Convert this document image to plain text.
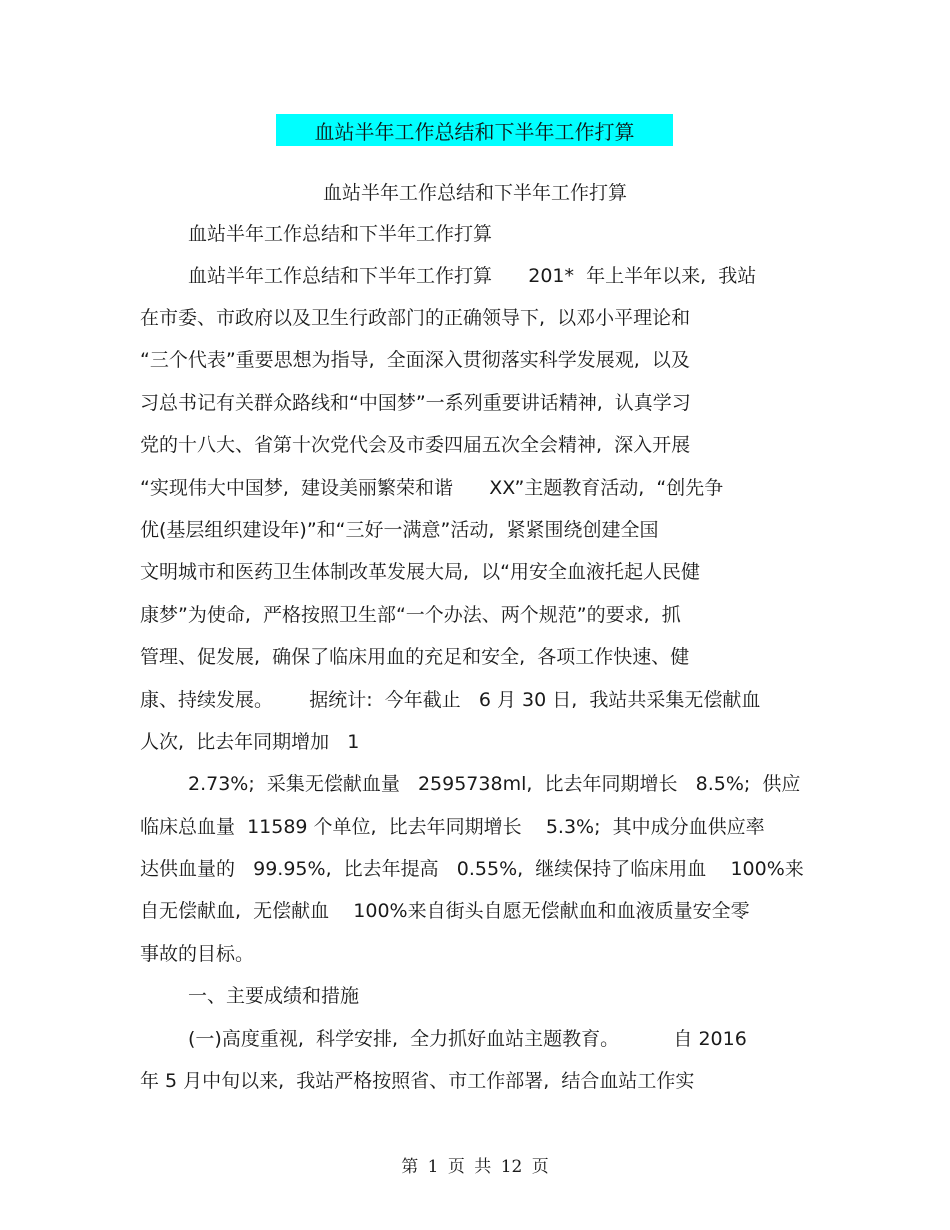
血站半年工作总结和下半年工作打算
血站半年工作总结和下半年工作打算
血站半年工作总结和下半年工作打算
血站半年工作总结和下半年工作打算      201*  年上半年以来,  我站
在市委、市政府以及卫生行政部门的正确领导下,  以邓小平理论和
“三个代表”重要思想为指导,  全面深入贯彻落实科学发展观,  以及
习总书记有关群众路线和“中国梦”一系列重要讲话精神,  认真学习
党的十八大、省第十次党代会及市委四届五次全会精神,  深入开展
“实现伟大中国梦,  建设美丽繁荣和谐      XX”主题教育活动,  “创先争
优(基层组织建设年)”和“三好一满意”活动,  紧紧围绕创建全国
文明城市和医药卫生体制改革发展大局,  以“用安全血液托起人民健
康梦”为使命,  严格按照卫生部“一个办法、两个规范”的要求,  抓
管理、促发展,  确保了临床用血的充足和安全,  各项工作快速、健
康、持续发展。      据统计:  今年截止   6 月 30 日,  我站共采集无偿献血
人次,  比去年同期增加   1
2.73%;  采集无偿献血量   2595738ml,  比去年同期增长   8.5%;  供应
临床总血量  11589 个单位,  比去年同期增长    5.3%;  其中成分血供应率
达供血量的   99.95%,  比去年提高   0.55%,  继续保持了临床用血    100%来
自无偿献血,  无偿献血    100%来自街头自愿无偿献血和血液质量安全零
事故的目标。
一、主要成绩和措施
(一)高度重视,  科学安排,  全力抓好血站主题教育。         自 2016
年 5 月中旬以来,  我站严格按照省、市工作部署,  结合血站工作实
第 1 页 共 12 页
